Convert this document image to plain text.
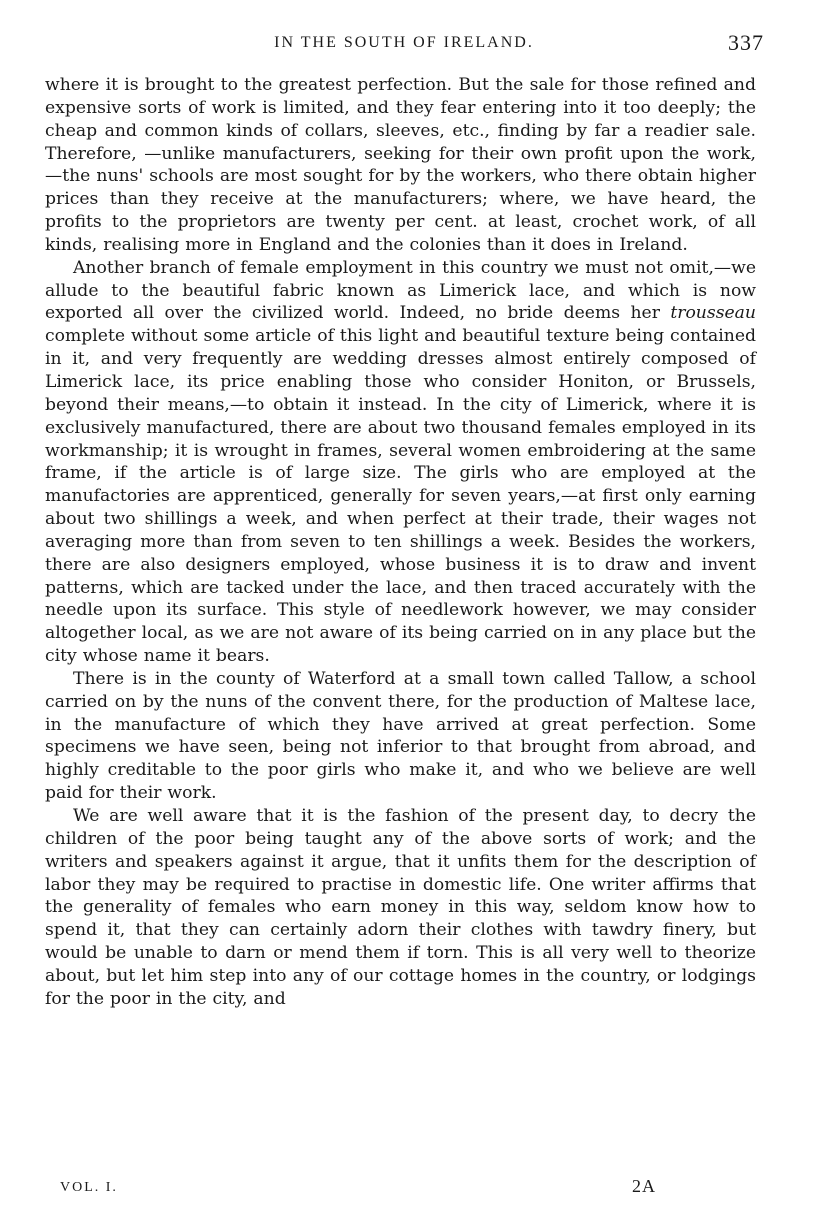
IN THE SOUTH OF IRELAND.	337

where it is brought to the greatest perfection. But the sale for those refined and expensive sorts of work is limited, and they fear entering into it too deeply; the cheap and common kinds of collars, sleeves, etc., finding by far a readier sale. Therefore, —unlike manufacturers, seeking for their own profit upon the work,—the nuns' schools are most sought for by the workers, who there obtain higher prices than they receive at the manufacturers; where, we have heard, the profits to the proprietors are twenty per cent. at least, crochet work, of all kinds, realising more in England and the colonies than it does in Ireland.

Another branch of female employment in this country we must not omit,—we allude to the beautiful fabric known as Limerick lace, and which is now exported all over the civilized world. Indeed, no bride deems her trousseau complete without some article of this light and beautiful texture being contained in it, and very frequently are wedding dresses almost entirely composed of Limerick lace, its price enabling those who consider Honiton, or Brussels, beyond their means,—to obtain it instead. In the city of Limerick, where it is exclusively manufactured, there are about two thousand females employed in its workmanship; it is wrought in frames, several women embroidering at the same frame, if the article is of large size. The girls who are employed at the manufactories are apprenticed, generally for seven years,—at first only earning about two shillings a week, and when perfect at their trade, their wages not averaging more than from seven to ten shillings a week. Besides the workers, there are also designers employed, whose business it is to draw and invent patterns, which are tacked under the lace, and then traced accurately with the needle upon its surface. This style of needlework however, we may consider altogether local, as we are not aware of its being carried on in any place but the city whose name it bears.

There is in the county of Waterford at a small town called Tallow, a school carried on by the nuns of the convent there, for the production of Maltese lace, in the manufacture of which they have arrived at great perfection. Some specimens we have seen, being not inferior to that brought from abroad, and highly creditable to the poor girls who make it, and who we believe are well paid for their work.

We are well aware that it is the fashion of the present day, to decry the children of the poor being taught any of the above sorts of work; and the writers and speakers against it argue, that it unfits them for the description of labor they may be required to practise in domestic life. One writer affirms that the generality of females who earn money in this way, seldom know how to spend it, that they can certainly adorn their clothes with tawdry finery, but would be unable to darn or mend them if torn. This is all very well to theorize about, but let him step into any of our cottage homes in the country, or lodgings for the poor in the city, and

VOL. I.	2A
